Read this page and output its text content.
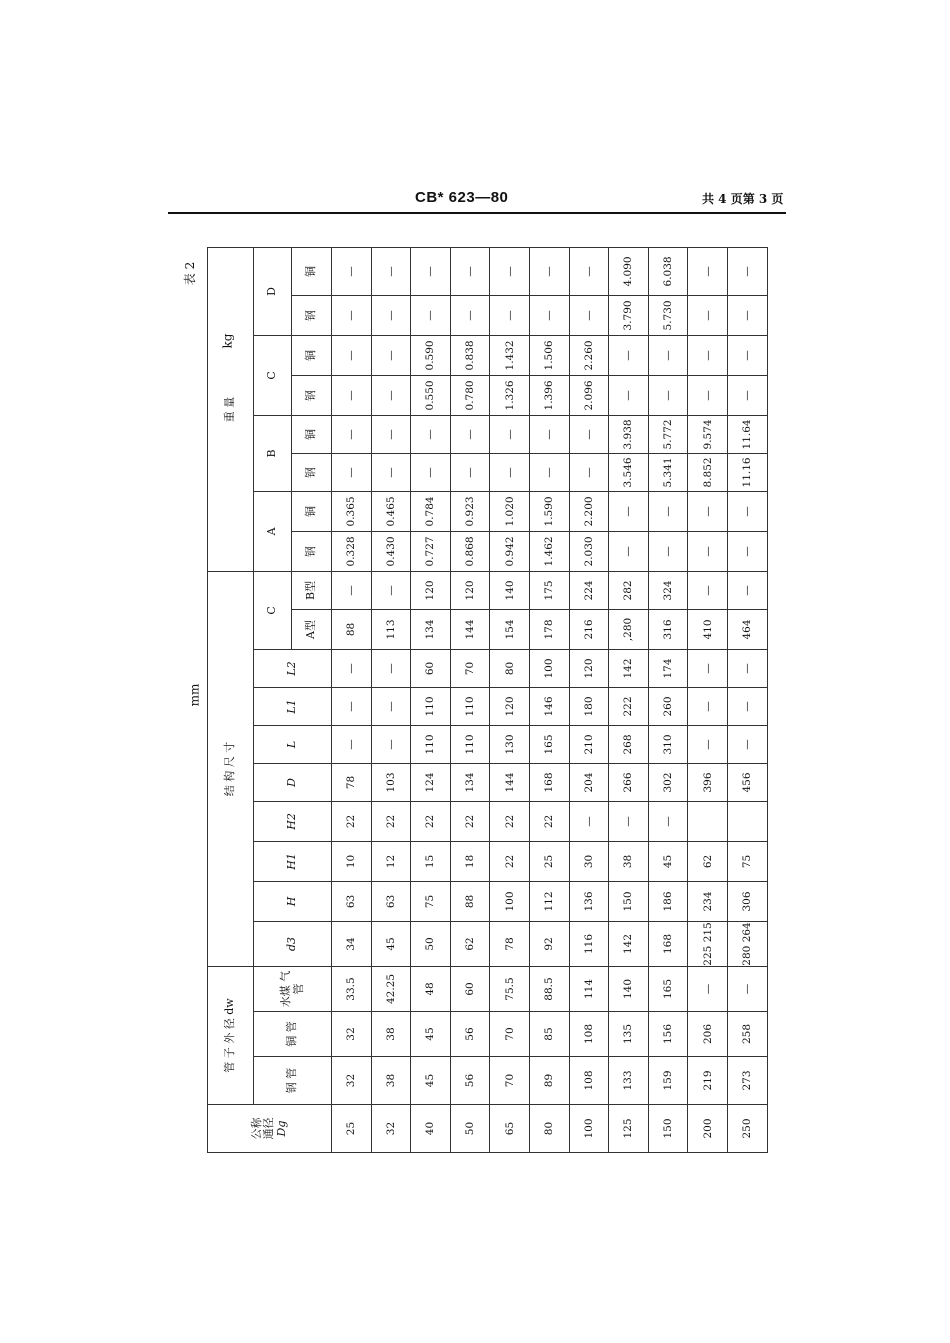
CB* 623—80	共 4 页第 3 页
表 2
mm
kg
公称 通径 Dg	管 子 外 径 dw			结 构 尺 寸										重 量							
	钢 管	铜 管	水煤 气管	d3	H	H1	H2	D	L	L1	L2	C		A		B		C		D	
												A型	B型	钢	铜	钢	铜	钢	铜	钢	铜
25	32	32	33.5	34	63	10	22	78	—	—	—	88	—	0.328	0.365	—	—	—	—	—	—
32	38	38	42.25	45	63	12	22	103	—	—	—	113	—	0.430	0.465	—	—	—	—	—	—
40	45	45	48	50	75	15	22	124	110	110	60	134	120	0.727	0.784	—	—	0.550	0.590	—	—
50	56	56	60	62	88	18	22	134	110	110	70	144	120	0.868	0.923	—	—	0.780	0.838	—	—
65	70	70	75.5	78	100	22	22	144	130	120	80	154	140	0.942	1.020	—	—	1.326	1.432	—	—
80	89	85	88.5	92	112	25	22	168	165	146	100	178	175	1.462	1.590	—	—	1.396	1.506	—	—
100	108	108	114	116	136	30	—	204	210	180	120	216	224	2.030	2.200	—	—	2.096	2.260	—	—
125	133	135	140	142	150	38	—	266	268	222	142	,280	282	—	—	3.546	3.938	—	—	3.790	4.090
150	159	156	165	168	186	45	—	302	310	260	174	316	324	—	—	5.341	5.772	—	—	5.730	6.038
200	219	206	—	225 215	234	62		396	—	—	—	410	—	—	—	8.852	9.574	—	—	—	—
250	273	258	—	280 264	306	75		456	—	—	—	464	—	—	—	11.16	11.64	—	—	—	—
